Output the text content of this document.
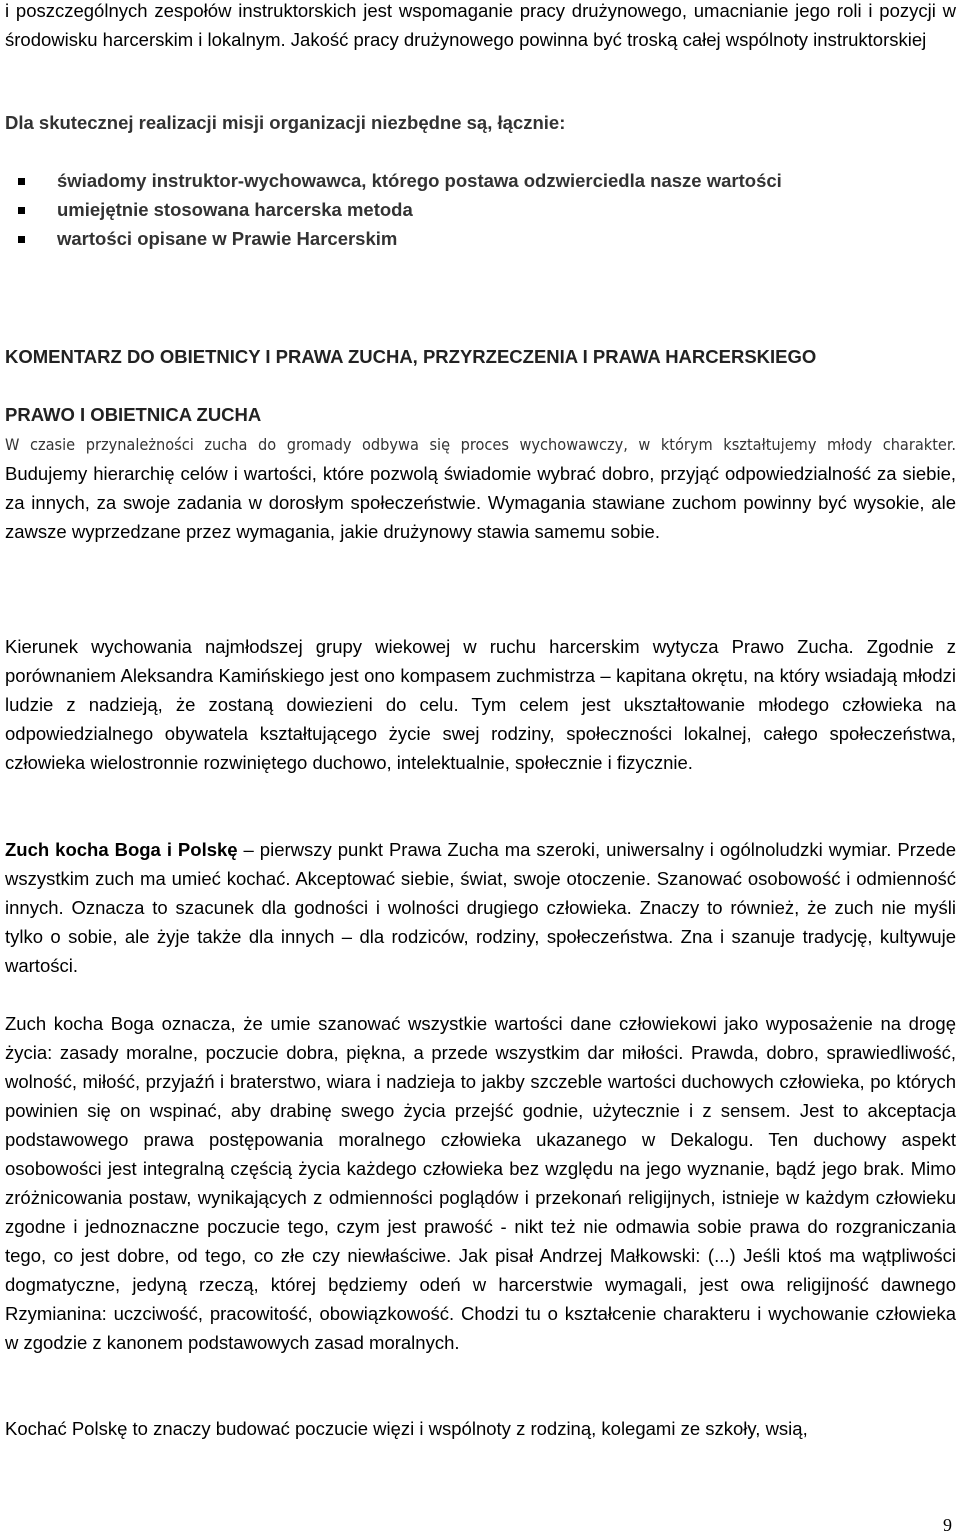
i poszczególnych zespołów instruktorskich jest wspomaganie pracy drużynowego, umacnianie jego roli i pozycji w środowisku harcerskim i lokalnym. Jakość pracy drużynowego powinna być troską całej wspólnoty instruktorskiej
Dla skutecznej realizacji misji organizacji niezbędne są, łącznie:
świadomy instruktor-wychowawca, którego postawa odzwierciedla nasze wartości
umiejętnie stosowana harcerska metoda
wartości opisane w Prawie Harcerskim
KOMENTARZ DO OBIETNICY I PRAWA ZUCHA, PRZYRZECZENIA I PRAWA HARCERSKIEGO
PRAWO I OBIETNICA ZUCHA
W czasie przynależności zucha do gromady odbywa się proces wychowawczy, w którym kształtujemy młody charakter. Budujemy hierarchię celów i wartości, które pozwolą świadomie wybrać dobro, przyjąć odpowiedzialność za siebie, za innych, za swoje zadania w dorosłym społeczeństwie. Wymagania stawiane zuchom powinny być wysokie, ale zawsze wyprzedzane przez wymagania, jakie drużynowy stawia samemu sobie.
Kierunek wychowania najmłodszej grupy wiekowej w ruchu harcerskim wytycza Prawo Zucha. Zgodnie z porównaniem Aleksandra Kamińskiego jest ono kompasem zuchmistrza – kapitana okrętu, na który wsiadają młodzi ludzie z nadzieją, że zostaną dowiezieni do celu. Tym celem jest ukształtowanie młodego człowieka na odpowiedzialnego obywatela kształtującego życie swej rodziny, społeczności lokalnej, całego społeczeństwa, człowieka wielostronnie rozwiniętego duchowo, intelektualnie, społecznie i fizycznie.
Zuch kocha Boga i Polskę – pierwszy punkt Prawa Zucha ma szeroki, uniwersalny i ogólnoludzki wymiar. Przede wszystkim zuch ma umieć kochać. Akceptować siebie, świat, swoje otoczenie. Szanować osobowość i odmienność innych. Oznacza to szacunek dla godności i wolności drugiego człowieka. Znaczy to również, że zuch nie myśli tylko o sobie, ale żyje także dla innych – dla rodziców, rodziny, społeczeństwa. Zna i szanuje tradycję, kultywuje wartości.
Zuch kocha Boga oznacza, że umie szanować wszystkie wartości dane człowiekowi jako wyposażenie na drogę życia: zasady moralne, poczucie dobra, piękna, a przede wszystkim dar miłości. Prawda, dobro, sprawiedliwość, wolność, miłość, przyjaźń i braterstwo, wiara i nadzieja to jakby szczeble wartości duchowych człowieka, po których powinien się on wspinać, aby drabinę swego życia przejść godnie, użytecznie i z sensem. Jest to akceptacja podstawowego prawa postępowania moralnego człowieka ukazanego w Dekalogu. Ten duchowy aspekt osobowości jest integralną częścią życia każdego człowieka bez względu na jego wyznanie, bądź jego brak. Mimo zróżnicowania postaw, wynikających z odmienności poglądów i przekonań religijnych, istnieje w każdym człowieku zgodne i jednoznaczne poczucie tego, czym jest prawość - nikt też nie odmawia sobie prawa do rozgraniczania tego, co jest dobre, od tego, co złe czy niewłaściwe. Jak pisał Andrzej Małkowski: (...) Jeśli ktoś ma wątpliwości dogmatyczne, jedyną rzeczą, której będziemy odeń w harcerstwie wymagali, jest owa religijność dawnego Rzymianina: uczciwość, pracowitość, obowiązkowość. Chodzi tu o kształcenie charakteru i wychowanie człowieka w zgodzie z kanonem podstawowych zasad moralnych.
Kochać Polskę to znaczy budować poczucie więzi i wspólnoty z rodziną, kolegami ze szkoły, wsią,
9
